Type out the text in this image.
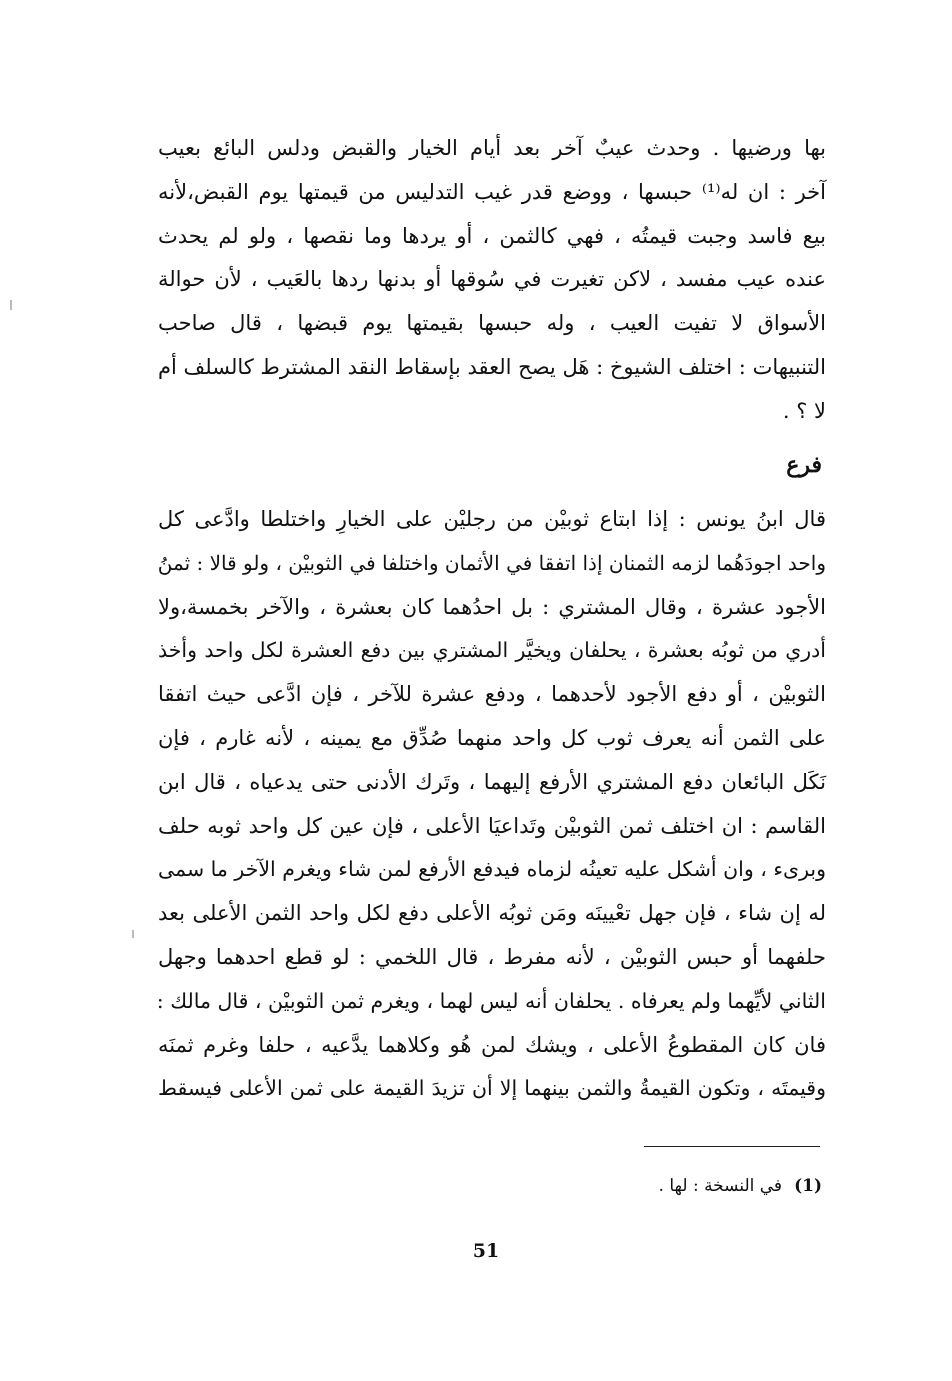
بها ورضيها . وحدث عيبٌ آخر بعد أيام الخيار والقبض ودلس البائع بعيب
آخر : ان له⁽¹⁾ حبسها ، ووضع قدر غيب التدليس من قيمتها يوم القبض،لأنه
بيع فاسد وجبت قيمتُه ، فهي كالثمن ، أو يردها وما نقصها ، ولو لم يحدث
عنده عيب مفسد ، لاكن تغيرت في سُوقها أو بدنها ردها بالعَيب ، لأن حوالة
الأسواق لا تفيت العيب ، وله حبسها بقيمتها يوم قبضها ، قال صاحب
التنبيهات : اختلف الشيوخ : هَل يصح العقد بإسقاط النقد المشترط كالسلف أم
لا ؟ .
فرع
قال ابنُ يونس : إذا ابتاع ثوبيْن من رجليْن على الخيارِ واختلطا وادَّعى كل
واحد اجودَهُما لزمه الثمنان إذا اتفقا في الأثمان واختلفا في الثوبيْن ، ولو قالا : ثمنُ
الأجود عشرة ، وقال المشتري : بل احدُهما كان بعشرة ، والآخر بخمسة،ولا
أدري من ثوبُه بعشرة ، يحلفان ويخيَّر المشتري بين دفع العشرة لكل واحد وأخذ
الثوبيْن ، أو دفع الأجود لأحدهما ، ودفع عشرة للآخر ، فإن ادَّعى حيث اتفقا
على الثمن أنه يعرف ثوب كل واحد منهما صُدِّق مع يمينه ، لأنه غارم ، فإن
نَكَل البائعان دفع المشتري الأرفع إليهما ، وتَرك الأدنى حتى يدعياه ، قال ابن
القاسم : ان اختلف ثمن الثوبيْن وتَداعيَا الأعلى ، فإن عين كل واحد ثوبه حلف
وبرىء ، وان أشكل عليه تعينُه لزماه فيدفع الأرفع لمن شاء ويغرم الآخر ما سمى
له إن شاء ، فإن جهل تعْيينَه ومَن ثوبُه الأعلى دفع لكل واحد الثمن الأعلى بعد
حلفهما أو حبس الثوبيْن ، لأنه مفرط ، قال اللخمي : لو قطع احدهما وجهل
الثاني لأيِّهما ولم يعرفاه . يحلفان أنه ليس لهما ، ويغرم ثمن الثوبيْن ، قال مالك :
فان كان المقطوعُ الأعلى ، ويشك لمن هُو وكلاهما يدَّعيه ، حلفا وغرم ثمنَه
وقيمتَه ، وتكون القيمةُ والثمن بينهما إلا أن تزيدَ القيمة على ثمن الأعلى فيسقط
(1)في النسخة : لها .
51
